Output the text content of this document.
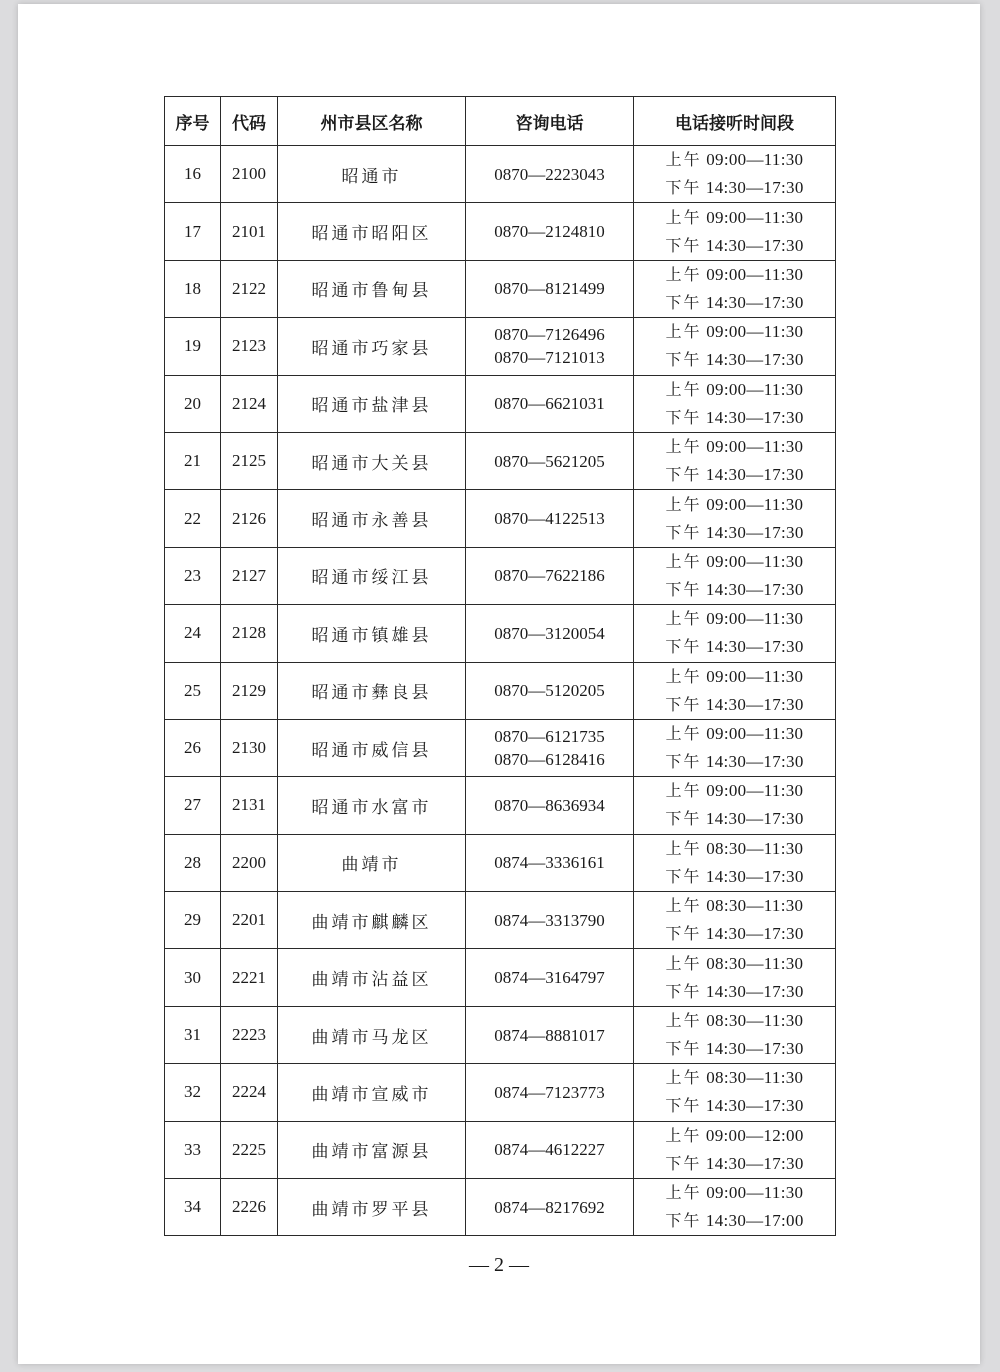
序号	代码	州市县区名称	咨询电话	电话接听时间段
16	2100	昭通市	0870—2223043	上午 09:00—11:30
下午 14:30—17:30

17	2101	昭通市昭阳区	0870—2124810	上午 09:00—11:30
下午 14:30—17:30

18	2122	昭通市鲁甸县	0870—8121499	上午 09:00—11:30
下午 14:30—17:30

19	2123	昭通市巧家县	0870—7126496
0870—7121013	上午 09:00—11:30
下午 14:30—17:30

20	2124	昭通市盐津县	0870—6621031	上午 09:00—11:30
下午 14:30—17:30

21	2125	昭通市大关县	0870—5621205	上午 09:00—11:30
下午 14:30—17:30

22	2126	昭通市永善县	0870—4122513	上午 09:00—11:30
下午 14:30—17:30

23	2127	昭通市绥江县	0870—7622186	上午 09:00—11:30
下午 14:30—17:30

24	2128	昭通市镇雄县	0870—3120054	上午 09:00—11:30
下午 14:30—17:30

25	2129	昭通市彝良县	0870—5120205	上午 09:00—11:30
下午 14:30—17:30

26	2130	昭通市威信县	0870—6121735
0870—6128416	上午 09:00—11:30
下午 14:30—17:30

27	2131	昭通市水富市	0870—8636934	上午 09:00—11:30
下午 14:30—17:30

28	2200	曲靖市	0874—3336161	上午 08:30—11:30
下午 14:30—17:30

29	2201	曲靖市麒麟区	0874—3313790	上午 08:30—11:30
下午 14:30—17:30

30	2221	曲靖市沾益区	0874—3164797	上午 08:30—11:30
下午 14:30—17:30

31	2223	曲靖市马龙区	0874—8881017	上午 08:30—11:30
下午 14:30—17:30

32	2224	曲靖市宣威市	0874—7123773	上午 08:30—11:30
下午 14:30—17:30

33	2225	曲靖市富源县	0874—4612227	上午 09:00—12:00
下午 14:30—17:30

34	2226	曲靖市罗平县	0874—8217692	上午 09:00—11:30
下午 14:30—17:00
— 2 —
